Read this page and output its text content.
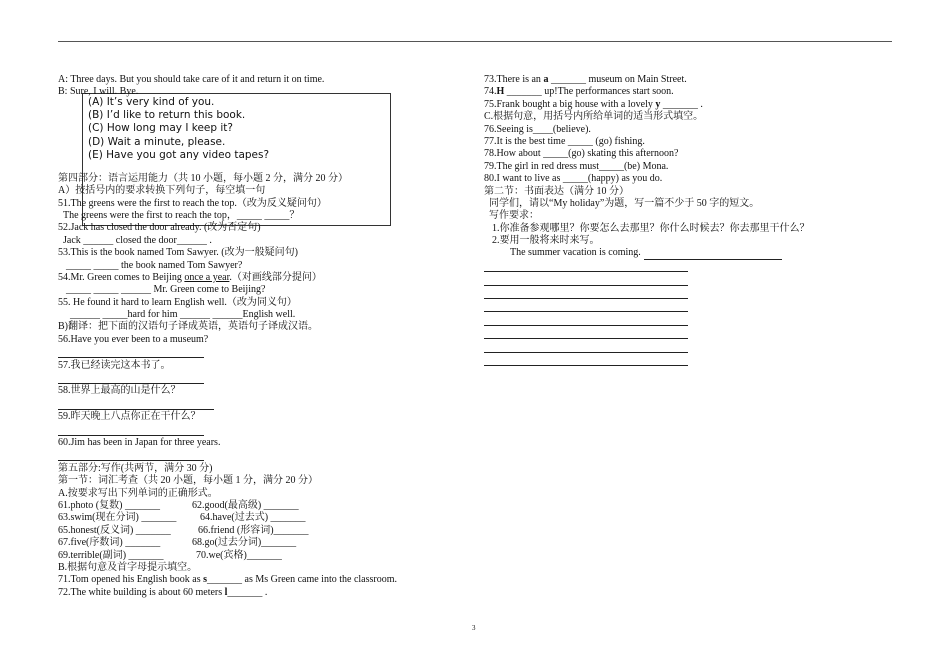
(A) It’s very kind of you.
(B) I’d like to return this book.
(C) How long may I keep it?
(D) Wait a minute, please.
(E) Have you got any video tapes?
A: Three days. But you should take care of it and return it on time.
B: Sure, I will. Bye.
第四部分：语言运用能力（共 10 小题，每小题 2 分，满分 20 分）
A）按括号内的要求转换下列句子，每空填一句
51.The greens were the first to reach the top.（改为反义疑问句）
The greens were the first to reach the top，_____ _____？
52.Jack has closed the door already. (改为否定句)
Jack ______ closed the door______ .
53.This is the book named Tom Sawyer. (改为一般疑问句)
_____ _____ the book named Tom Sawyer?
54.Mr. Green comes to Beijing once a year.（对画线部分提问）
_____ _____ ______ Mr. Green come to Beijing?
55. He found it hard to learn English well.（改为同义句）
______ _____hard for him ______ ______English well.
B)翻译：把下面的汉语句子译成英语，英语句子译成汉语。
56.Have you ever been to a museum?
57.我已经读完这本书了。
58.世界上最高的山是什么？
59.昨天晚上八点你正在干什么？
60.Jim has been in Japan for three years.
第五部分:写作(共两节，满分 30 分)
第一节：词汇考查（共 20 小题，每小题 1 分，满分 20 分）
A.按要求写出下列单词的正确形式。
61.photo (复数) _______	62.good(最高级) _______
63.swim(现在分词) _______ 64.have(过去式) _______
65.honest(反义词) _______	66.friend (形容词)_______
67.five(序数词) _______	68.go(过去分词)_______
69.terrible(副词) _______	70.we(宾格)_______
B.根据句意及首字母提示填空。
71.Tom opened his English book as s_______ as Ms Green came into the classroom.
72.The white building is about 60 meters l_______ .
73.There is an a _______ museum on Main Street.
74.H _______ up!The performances start soon.
75.Frank bought a big house with a lovely y _______ .
C.根据句意，用括号内所给单词的适当形式填空。
76.Seeing is____(believe).
77.It is the best time _____ (go) fishing.
78.How about _____(go) skating this afternoon?
79.The girl in red dress must_____(be) Mona.
80.I want to live as _____(happy) as you do.
第二节：书面表达（满分 10 分）
同学们，请以“My holiday”为题，写一篇不少于 50 字的短文。
写作要求：
1.你准备参观哪里？你要怎么去那里？你什么时候去？你去那里干什么？
2.要用一般将来时来写。
The summer vacation is coming.
3
